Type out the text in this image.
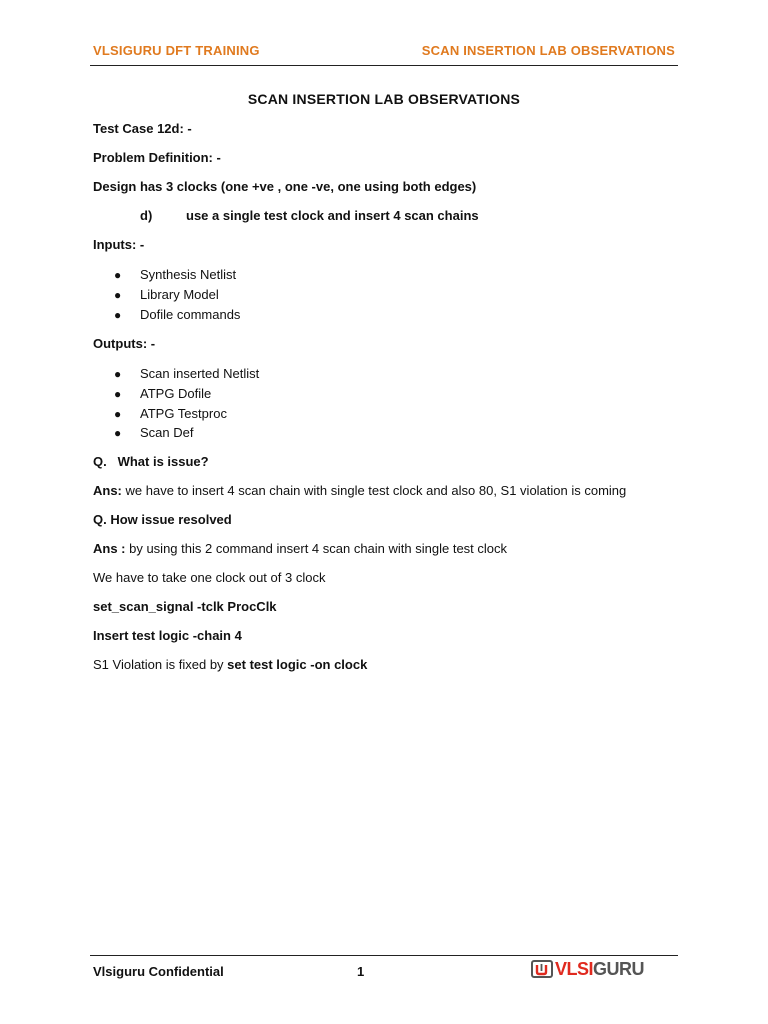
VLSIGURU DFT TRAINING	SCAN INSERTION LAB OBSERVATIONS
SCAN INSERTION LAB OBSERVATIONS
Test Case 12d: -
Problem Definition: -
Design has 3 clocks (one +ve , one -ve, one using both edges)
d)	use a single test clock and insert 4 scan chains
Inputs: -
● Synthesis Netlist
● Library Model
● Dofile commands
Outputs: -
● Scan inserted Netlist
● ATPG Dofile
● ATPG Testproc
● Scan Def
Q. What is issue?
Ans: we have to insert 4 scan chain with single test clock and also 80, S1 violation is coming
Q. How issue resolved
Ans : by using this 2 command insert 4 scan chain with single test clock
We have to take one clock out of 3 clock
set_scan_signal -tclk ProcClk
Insert test logic -chain 4
S1 Violation is fixed by set test logic -on clock
Vlsiguru Confidential	1	VLSIGURU
